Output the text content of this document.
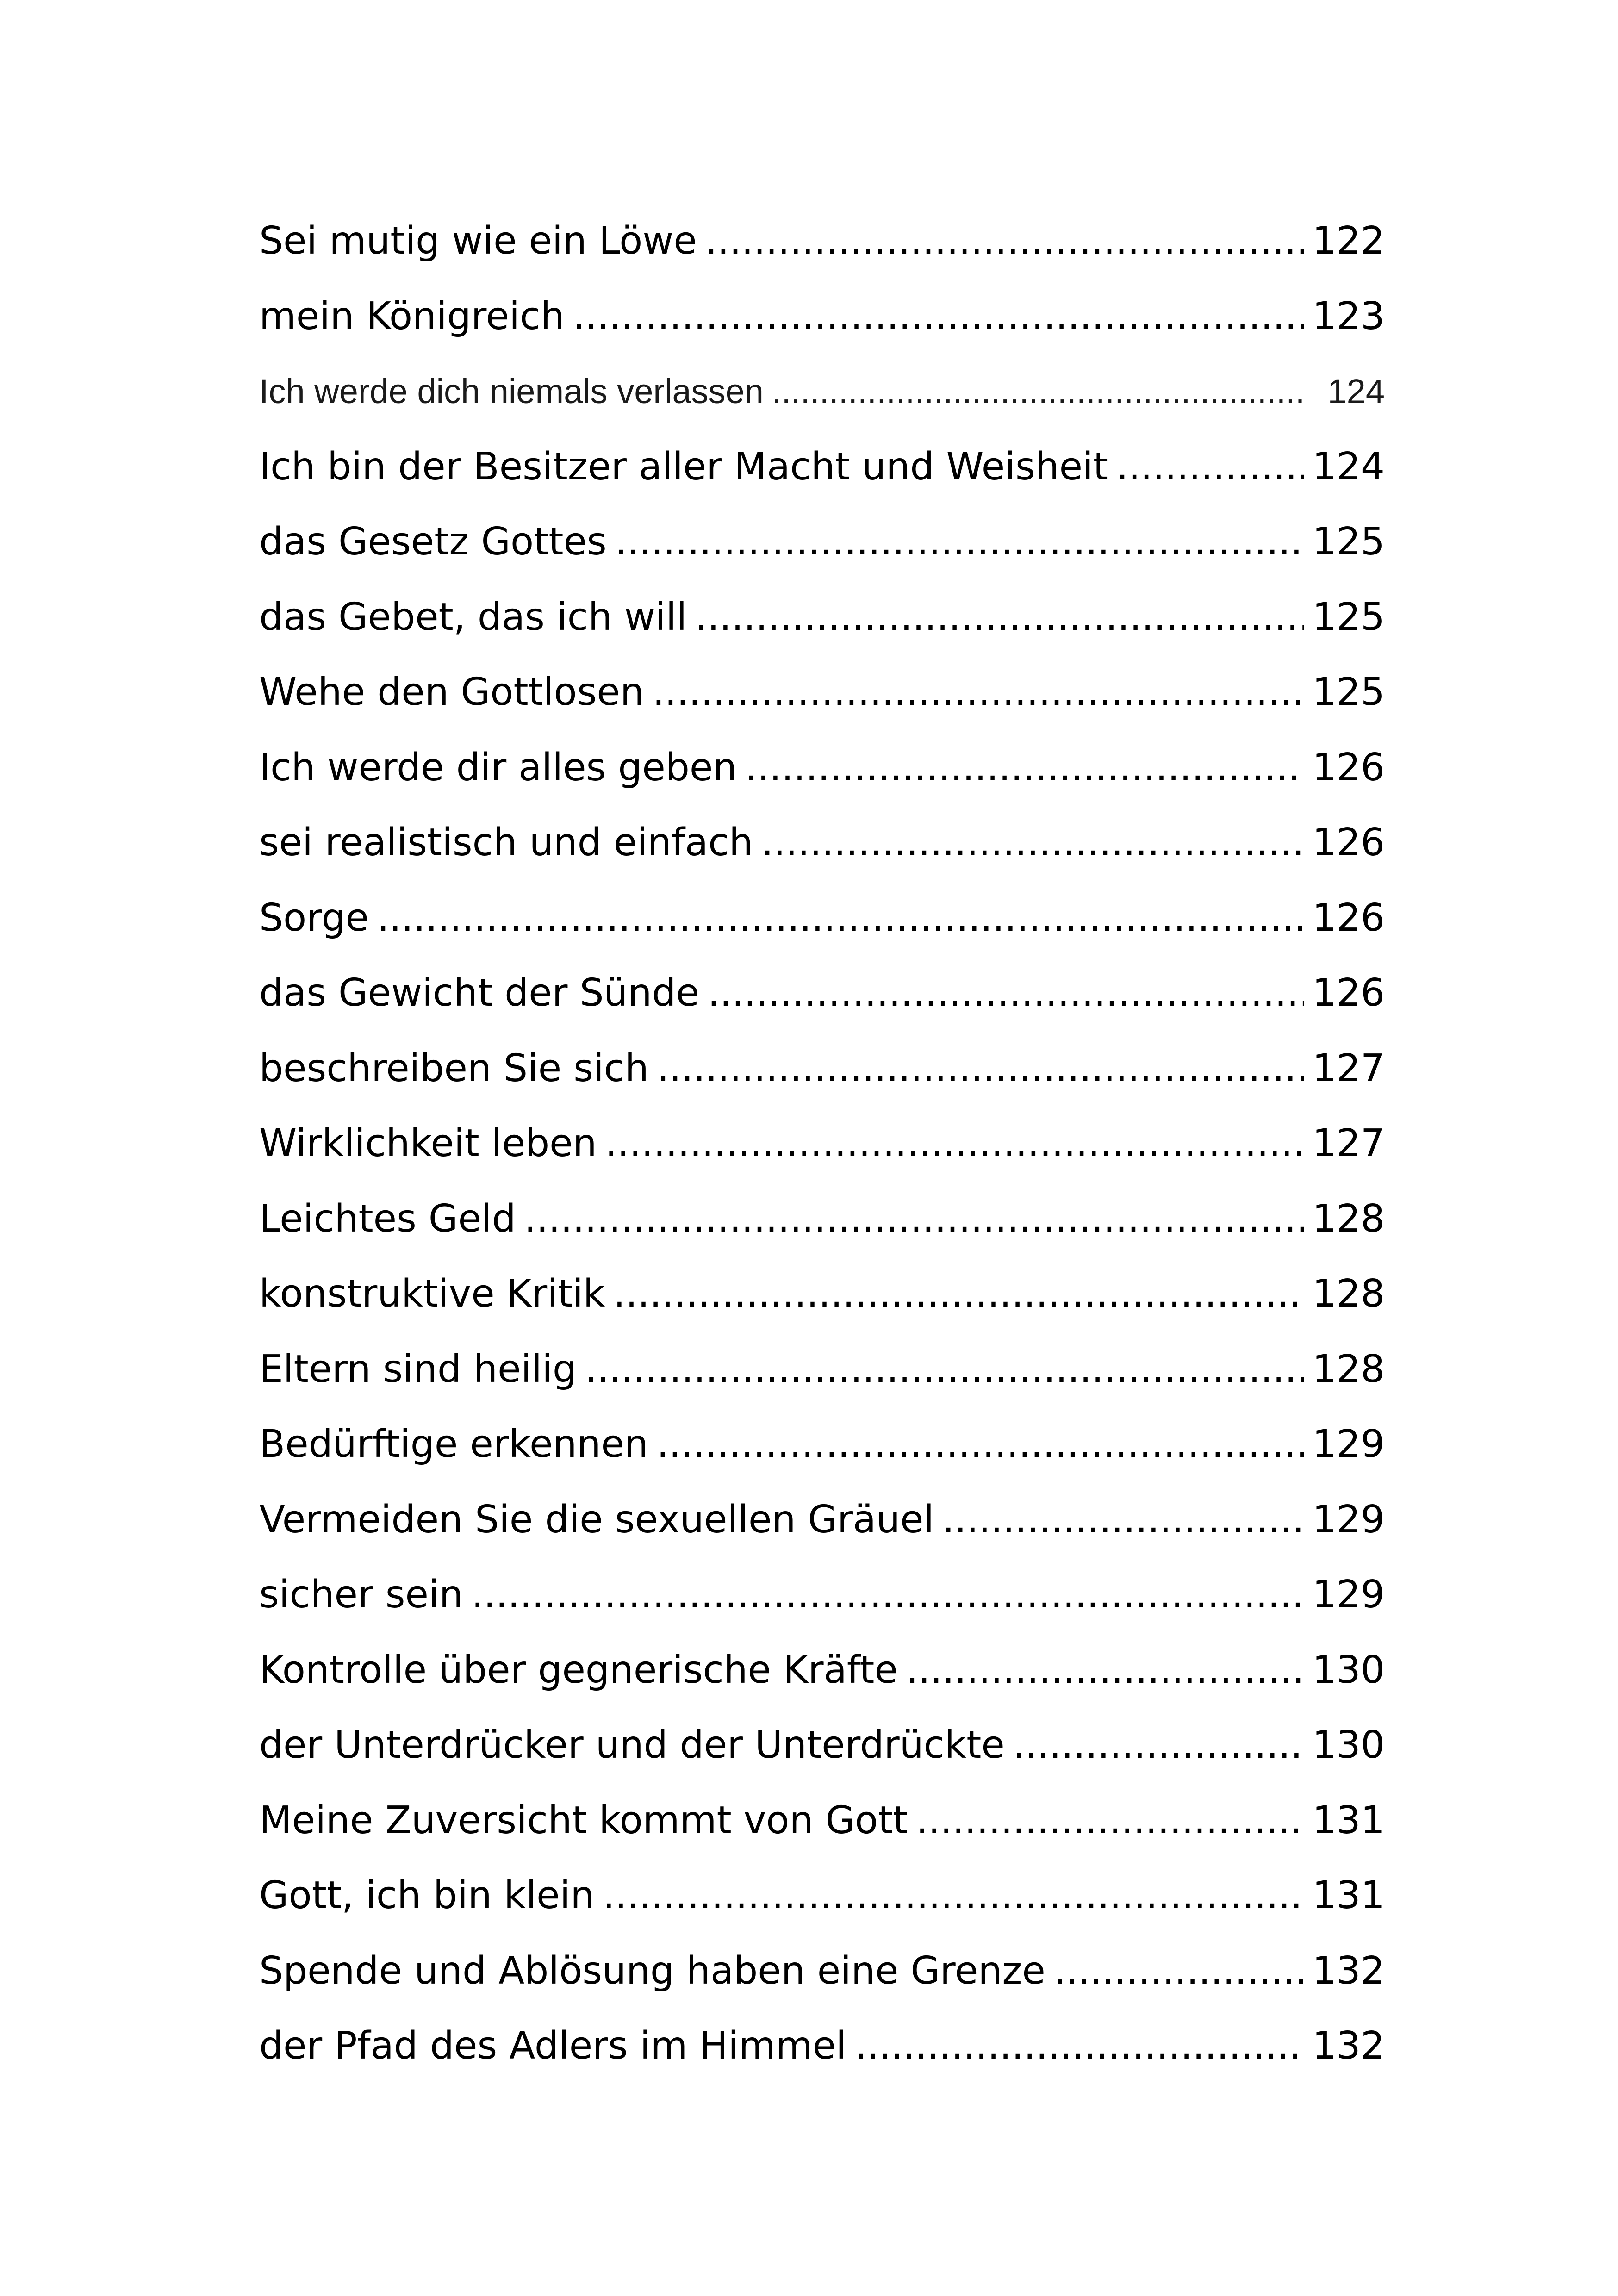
Sei mutig wie ein Löwe .....	122
mein Königreich .....	123
Ich werde dich niemals verlassen .....	124
Ich bin der Besitzer aller Macht und Weisheit .....	124
das Gesetz Gottes .....	125
das Gebet, das ich will .....	125
Wehe den Gottlosen .....	125
Ich werde dir alles geben .....	126
sei realistisch und einfach .....	126
Sorge .....	126
das Gewicht der Sünde .....	126
beschreiben Sie sich .....	127
Wirklichkeit leben .....	127
Leichtes Geld .....	128
konstruktive Kritik .....	128
Eltern sind heilig .....	128
Bedürftige erkennen .....	129
Vermeiden Sie die sexuellen Gräuel .....	129
sicher sein .....	129
Kontrolle über gegnerische Kräfte .....	130
der Unterdrücker und der Unterdrückte .....	130
Meine Zuversicht kommt von Gott .....	131
Gott, ich bin klein .....	131
Spende und Ablösung haben eine Grenze .....	132
der Pfad des Adlers im Himmel .....	132
